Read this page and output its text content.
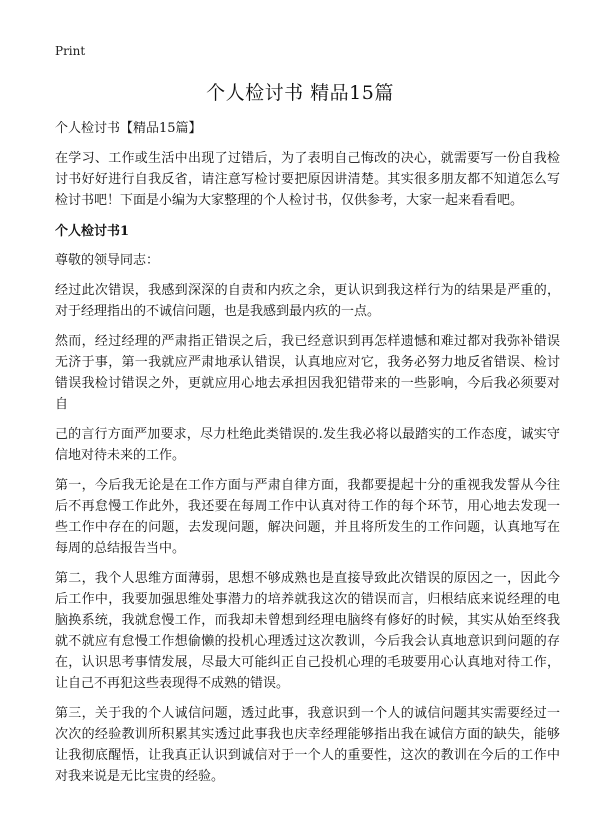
Print
个人检讨书 精品15篇

个人检讨书【精品15篇】

在学习、工作或生活中出现了过错后，为了表明自己悔改的决心，就需要写一份自我检讨书好好进行自我反省，请注意写检讨要把原因讲清楚。其实很多朋友都不知道怎么写检讨书吧！下面是小编为大家整理的个人检讨书，仅供参考，大家一起来看看吧。

个人检讨书1

尊敬的领导同志：

经过此次错误，我感到深深的自责和内疚之余，更认识到我这样行为的结果是严重的，对于经理指出的不诚信问题，也是我感到最内疚的一点。

然而，经过经理的严肃指正错误之后，我已经意识到再怎样遗憾和难过都对我弥补错误无济于事，第一我就应严肃地承认错误，认真地应对它，我务必努力地反省错误、检讨错误我检讨错误之外，更就应用心地去承担因我犯错带来的一些影响，今后我必须要对自

己的言行方面严加要求，尽力杜绝此类错误的.发生我必将以最踏实的工作态度，诚实守信地对待未来的工作。

第一，今后我无论是在工作方面与严肃自律方面，我都要提起十分的重视我发誓从今往后不再怠慢工作此外，我还要在每周工作中认真对待工作的每个环节，用心地去发现一些工作中存在的问题，去发现问题，解决问题，并且将所发生的工作问题，认真地写在每周的总结报告当中。

第二，我个人思维方面薄弱，思想不够成熟也是直接导致此次错误的原因之一，因此今后工作中，我要加强思维处事潜力的培养就我这次的错误而言，归根结底来说经理的电脑换系统，我就怠慢工作，而我却未曾想到经理电脑终有修好的时候，其实从始至终我就不就应有怠慢工作想偷懒的投机心理透过这次教训，今后我会认真地意识到问题的存在，认识思考事情发展，尽最大可能纠正自己投机心理的毛玻要用心认真地对待工作，让自己不再犯这些表现得不成熟的错误。

第三，关于我的个人诚信问题，透过此事，我意识到一个人的诚信问题其实需要经过一次次的经验教训所积累其实透过此事我也庆幸经理能够指出我在诚信方面的缺失，能够让我彻底醒悟，让我真正认识到诚信对于一个人的重要性，这次的教训在今后的工作中对我来说是无比宝贵的经验。
